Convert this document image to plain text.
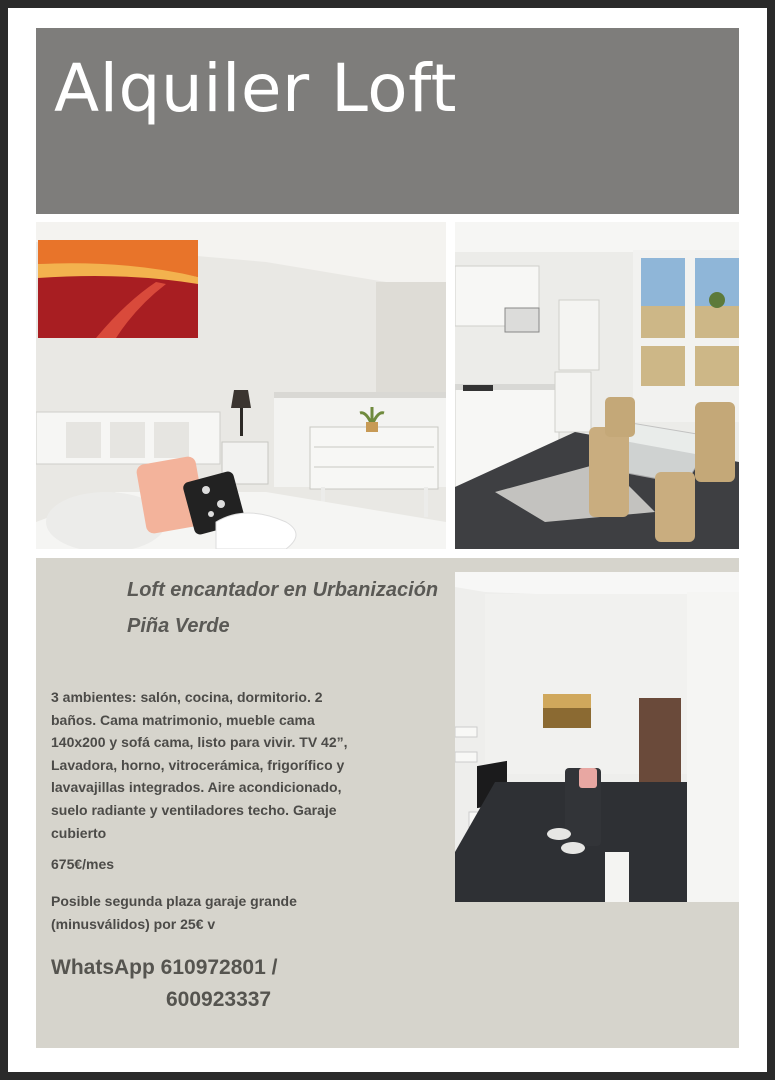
Alquiler Loft
Loft encantador en Urbanización Piña Verde
3 ambientes: salón, cocina, dormitorio. 2 baños. Cama matrimonio, mueble cama 140x200 y sofá cama, listo para vivir. TV 42”, Lavadora, horno, vitrocerámica, frigorífico y lavavajillas integrados. Aire acondicionado, suelo radiante y ventiladores techo. Garaje cubierto
675€/mes
Posible segunda plaza garaje grande (minusválidos) por 25€ v
WhatsApp 610972801 /
600923337
